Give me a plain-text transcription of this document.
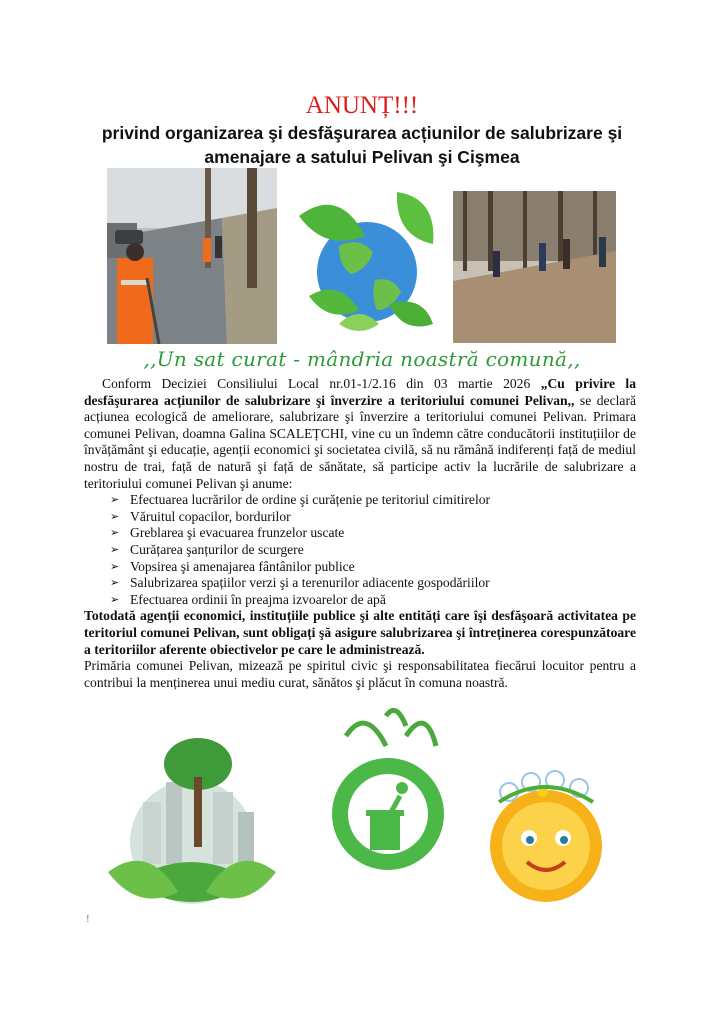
ANUNȚ!!!
privind organizarea şi desfăşurarea acțiunilor de salubrizare şi amenajare a satului Pelivan şi Cişmea
,,Un sat curat - mândria noastră comună,,

Conform Deciziei Consiliului Local nr.01-1/2.16 din 03 martie 2026 „Cu privire la desfăşurarea acțiunilor de salubrizare şi înverzire a teritoriului comunei Pelivan,, se declară acțiunea ecologică de ameliorare, salubrizare şi înverzire a teritoriului comunei Pelivan. Primara comunei Pelivan, doamna Galina SCALEȚCHI, vine cu un îndemn către conducătorii instituțiilor de învățământ şi educație, agenții economici şi societatea civilă, să nu rămână indiferenți față de mediul nostru de trai, față de natură şi față de sănătate, să participe activ la lucrările de salubrizare a teritoriului comunei Pelivan şi anume:

➢ Efectuarea lucrărilor de ordine şi curățenie pe teritoriul cimitirelor
➢ Văruitul copacilor, bordurilor
➢ Greblarea şi evacuarea frunzelor uscate
➢ Curățarea şanțurilor de scurgere
➢ Vopsirea şi amenajarea fântânilor publice
➢ Salubrizarea spațiilor verzi şi a terenurilor adiacente gospodăriilor
➢ Efectuarea ordinii în preajma izvoarelor de apă

Totodată agenții economici, instituțiile publice şi alte entități care îşi desfăşoară activitatea pe teritoriul comunei Pelivan, sunt obligați şă asigure salubrizarea şi întreținerea corespunzătoare a teritoriilor aferente obiectivelor pe care le administrează.

Primăria comunei Pelivan, mizează pe spiritul civic şi responsabilitatea fiecărui locuitor pentru a contribui la menținerea unui mediu curat, sănătos şi plăcut în comuna noastră.

!
